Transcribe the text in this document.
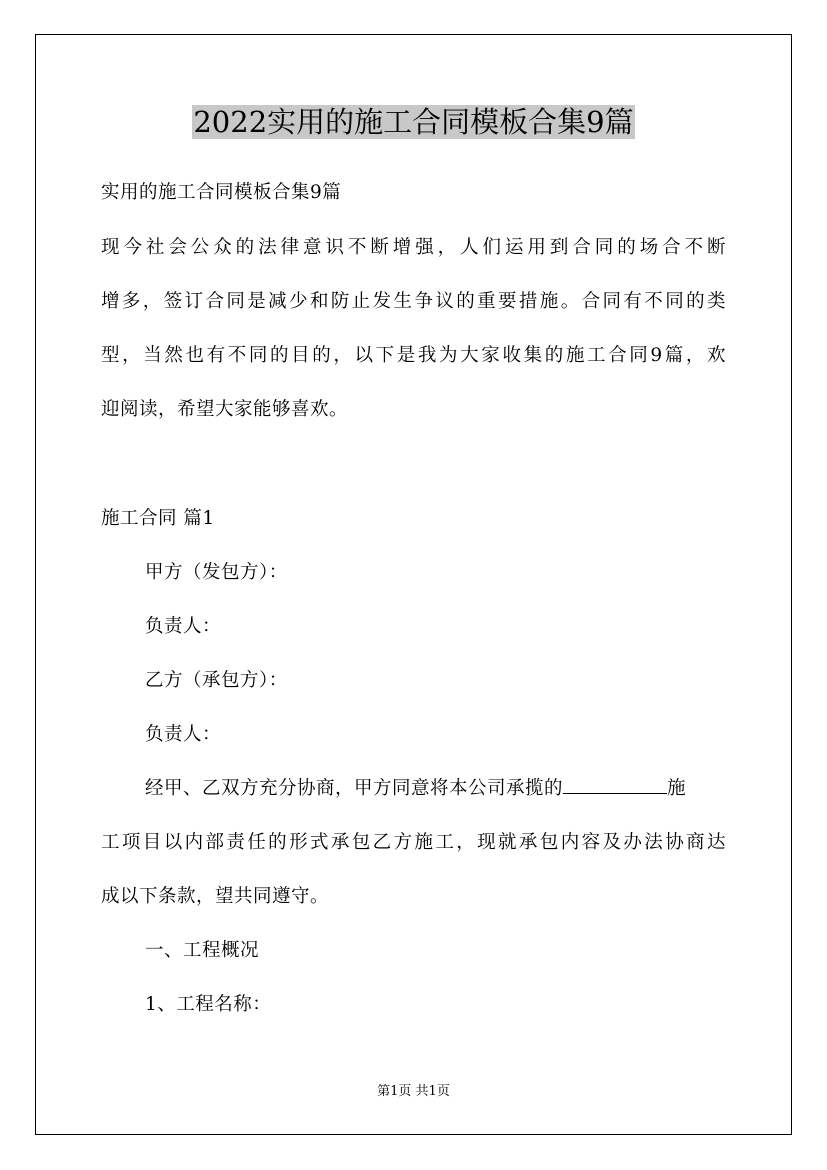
2022实用的施工合同模板合集9篇
实用的施工合同模板合集9篇
现今社会公众的法律意识不断增强，人们运用到合同的场合不断
增多，签订合同是减少和防止发生争议的重要措施。合同有不同的类
型，当然也有不同的目的，以下是我为大家收集的施工合同9篇，欢
迎阅读，希望大家能够喜欢。
施工合同 篇1
甲方（发包方）：
负责人：
乙方（承包方）：
负责人：
经甲、乙双方充分协商，甲方同意将本公司承揽的	施
工项目以内部责任的形式承包乙方施工，现就承包内容及办法协商达
成以下条款，望共同遵守。
一、工程概况
1、工程名称：
第1页 共1页
